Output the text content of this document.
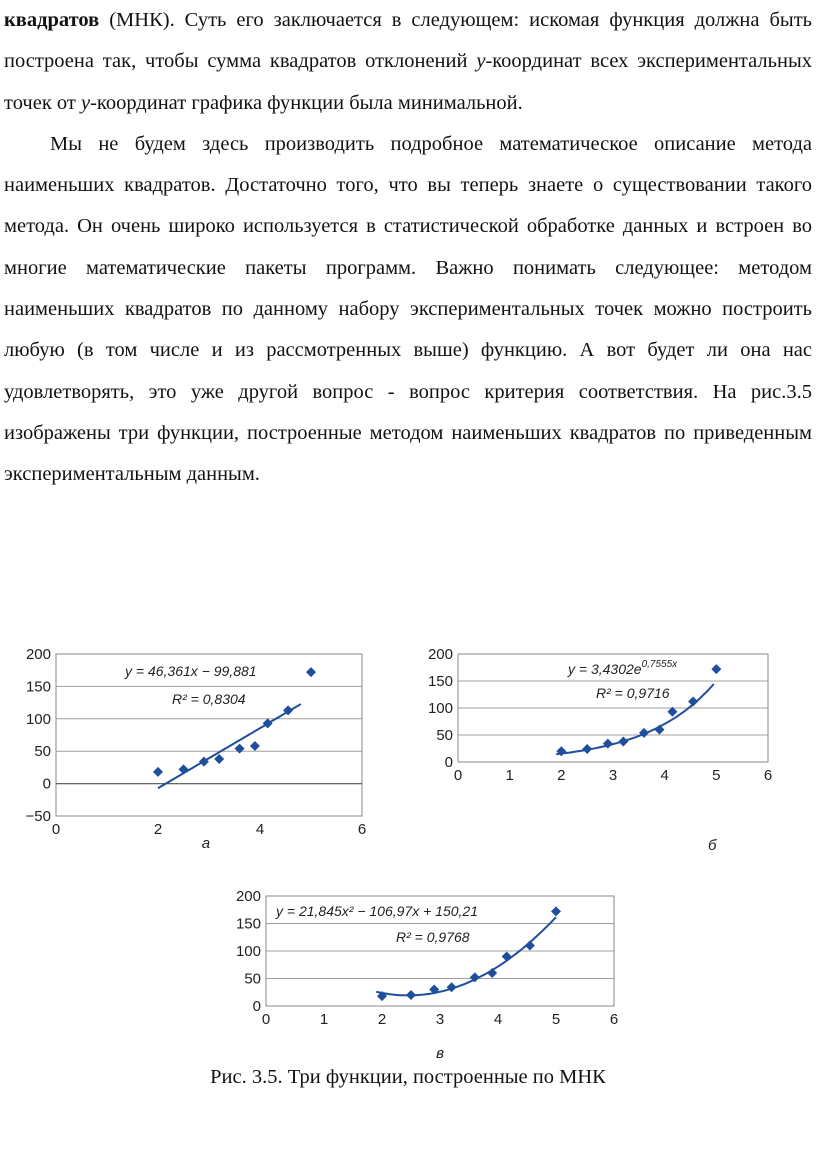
квадратов (МНК). Суть его заключается в следующем: искомая функция должна быть построена так, чтобы сумма квадратов отклонений y-координат всех экспериментальных точек от y-координат графика функции была минимальной.

Мы не будем здесь производить подробное математическое описание метода наименьших квадратов. Достаточно того, что вы теперь знаете о существовании такого метода. Он очень широко используется в статистической обработке данных и встроен во многие математические пакеты программ. Важно понимать следующее: методом наименьших квадратов по данному набору экспериментальных точек можно построить любую (в том числе и из рассмотренных выше) функцию. А вот будет ли она нас удовлетворять, это уже другой вопрос - вопрос критерия соответствия. На рис.3.5 изображены три функции, построенные методом наименьших квадратов по приведенным экспериментальным данным.

−50
0
50
100
150
200
0	2	4	6
y = 46,361x − 99,881
R² = 0,8304
а
0
50
100
150
200
0	1	2	3	4	5	6
$y = 3,4302e^{0,7555x}$
R² = 0,9716
б
0
50
100
150
200
0	1	2	3	4	5	6
y = 21,845x² − 106,97x + 150,21
R² = 0,9768
в
Рис. 3.5. Три функции, построенные по МНК
